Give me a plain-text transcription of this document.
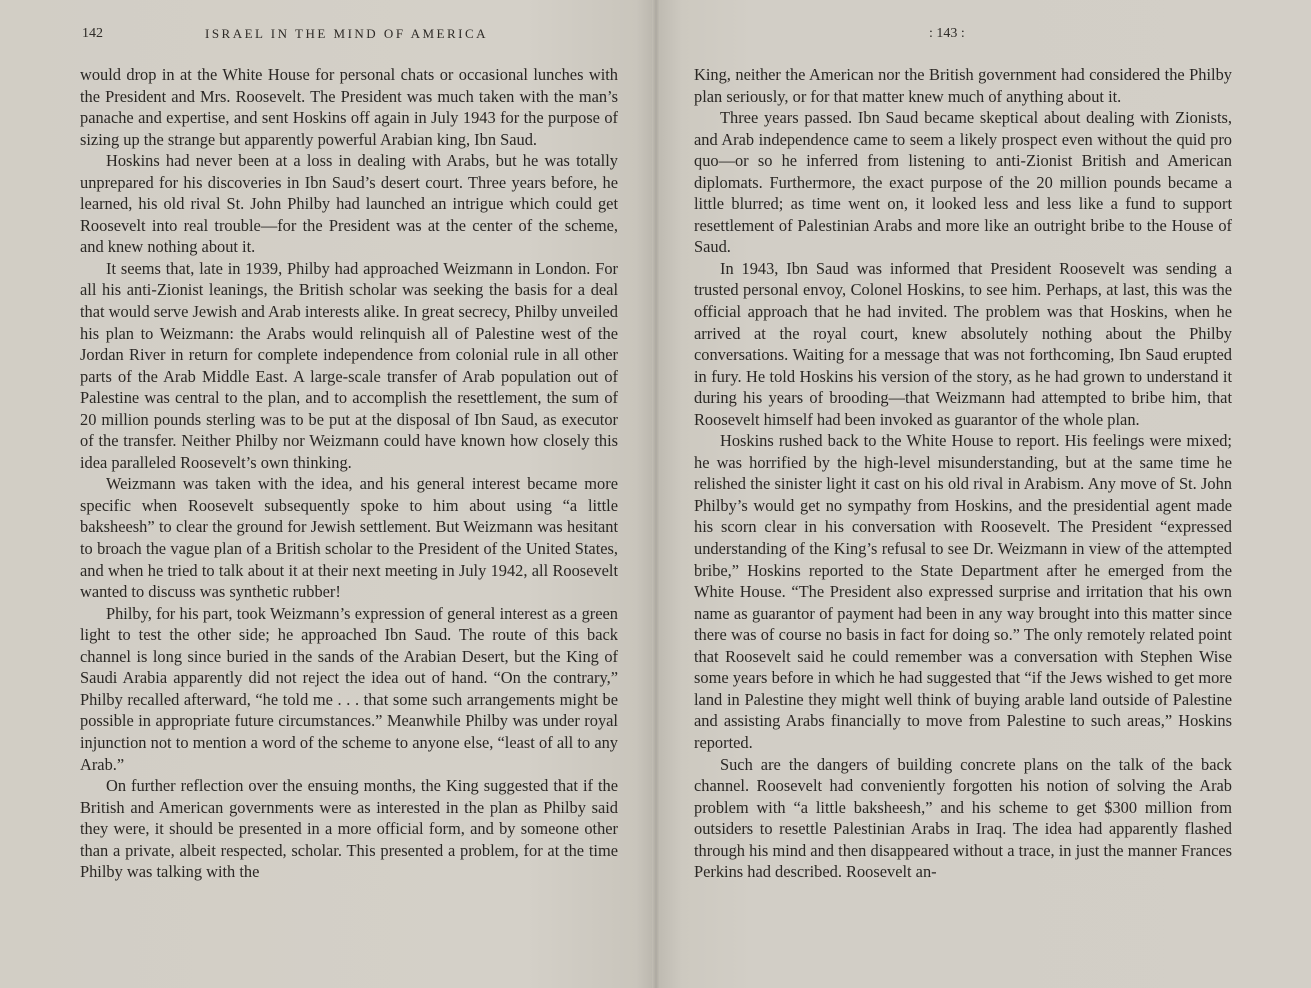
142	ISRAEL IN THE MIND OF AMERICA

would drop in at the White House for personal chats or occasional lunches with the President and Mrs. Roosevelt. The President was much taken with the man’s panache and expertise, and sent Hoskins off again in July 1943 for the purpose of sizing up the strange but apparently powerful Arabian king, Ibn Saud.

Hoskins had never been at a loss in dealing with Arabs, but he was totally unprepared for his discoveries in Ibn Saud’s desert court. Three years before, he learned, his old rival St. John Philby had launched an intrigue which could get Roosevelt into real trouble—for the President was at the center of the scheme, and knew nothing about it.

It seems that, late in 1939, Philby had approached Weizmann in London. For all his anti-Zionist leanings, the British scholar was seeking the basis for a deal that would serve Jewish and Arab interests alike. In great secrecy, Philby unveiled his plan to Weizmann: the Arabs would relinquish all of Palestine west of the Jordan River in return for complete independence from colonial rule in all other parts of the Arab Middle East. A large-scale transfer of Arab population out of Palestine was central to the plan, and to accomplish the resettlement, the sum of 20 million pounds sterling was to be put at the disposal of Ibn Saud, as executor of the transfer. Neither Philby nor Weizmann could have known how closely this idea paralleled Roosevelt’s own thinking.

Weizmann was taken with the idea, and his general interest became more specific when Roosevelt subsequently spoke to him about using “a little baksheesh” to clear the ground for Jewish settlement. But Weizmann was hesitant to broach the vague plan of a British scholar to the President of the United States, and when he tried to talk about it at their next meeting in July 1942, all Roosevelt wanted to discuss was synthetic rubber!

Philby, for his part, took Weizmann’s expression of general interest as a green light to test the other side; he approached Ibn Saud. The route of this back channel is long since buried in the sands of the Arabian Desert, but the King of Saudi Arabia apparently did not reject the idea out of hand. “On the contrary,” Philby recalled afterward, “he told me . . . that some such arrangements might be possible in appropriate future circumstances.” Meanwhile Philby was under royal injunction not to mention a word of the scheme to anyone else, “least of all to any Arab.”

On further reflection over the ensuing months, the King suggested that if the British and American governments were as interested in the plan as Philby said they were, it should be presented in a more official form, and by someone other than a private, albeit respected, scholar. This presented a problem, for at the time Philby was talking with the

: 143 :

King, neither the American nor the British government had considered the Philby plan seriously, or for that matter knew much of anything about it.

Three years passed. Ibn Saud became skeptical about dealing with Zionists, and Arab independence came to seem a likely prospect even without the quid pro quo—or so he inferred from listening to anti-Zionist British and American diplomats. Furthermore, the exact purpose of the 20 million pounds became a little blurred; as time went on, it looked less and less like a fund to support resettlement of Palestinian Arabs and more like an outright bribe to the House of Saud.

In 1943, Ibn Saud was informed that President Roosevelt was sending a trusted personal envoy, Colonel Hoskins, to see him. Perhaps, at last, this was the official approach that he had invited. The problem was that Hoskins, when he arrived at the royal court, knew absolutely nothing about the Philby conversations. Waiting for a message that was not forthcoming, Ibn Saud erupted in fury. He told Hoskins his version of the story, as he had grown to understand it during his years of brooding—that Weizmann had attempted to bribe him, that Roosevelt himself had been invoked as guarantor of the whole plan.

Hoskins rushed back to the White House to report. His feelings were mixed; he was horrified by the high-level misunderstanding, but at the same time he relished the sinister light it cast on his old rival in Arabism. Any move of St. John Philby’s would get no sympathy from Hoskins, and the presidential agent made his scorn clear in his conversation with Roosevelt. The President “expressed understanding of the King’s refusal to see Dr. Weizmann in view of the attempted bribe,” Hoskins reported to the State Department after he emerged from the White House. “The President also expressed surprise and irritation that his own name as guarantor of payment had been in any way brought into this matter since there was of course no basis in fact for doing so.” The only remotely related point that Roosevelt said he could remember was a conversation with Stephen Wise some years before in which he had suggested that “if the Jews wished to get more land in Palestine they might well think of buying arable land outside of Palestine and assisting Arabs financially to move from Palestine to such areas,” Hoskins reported.

Such are the dangers of building concrete plans on the talk of the back channel. Roosevelt had conveniently forgotten his notion of solving the Arab problem with “a little baksheesh,” and his scheme to get $300 million from outsiders to resettle Palestinian Arabs in Iraq. The idea had apparently flashed through his mind and then disappeared without a trace, in just the manner Frances Perkins had described. Roosevelt an-
